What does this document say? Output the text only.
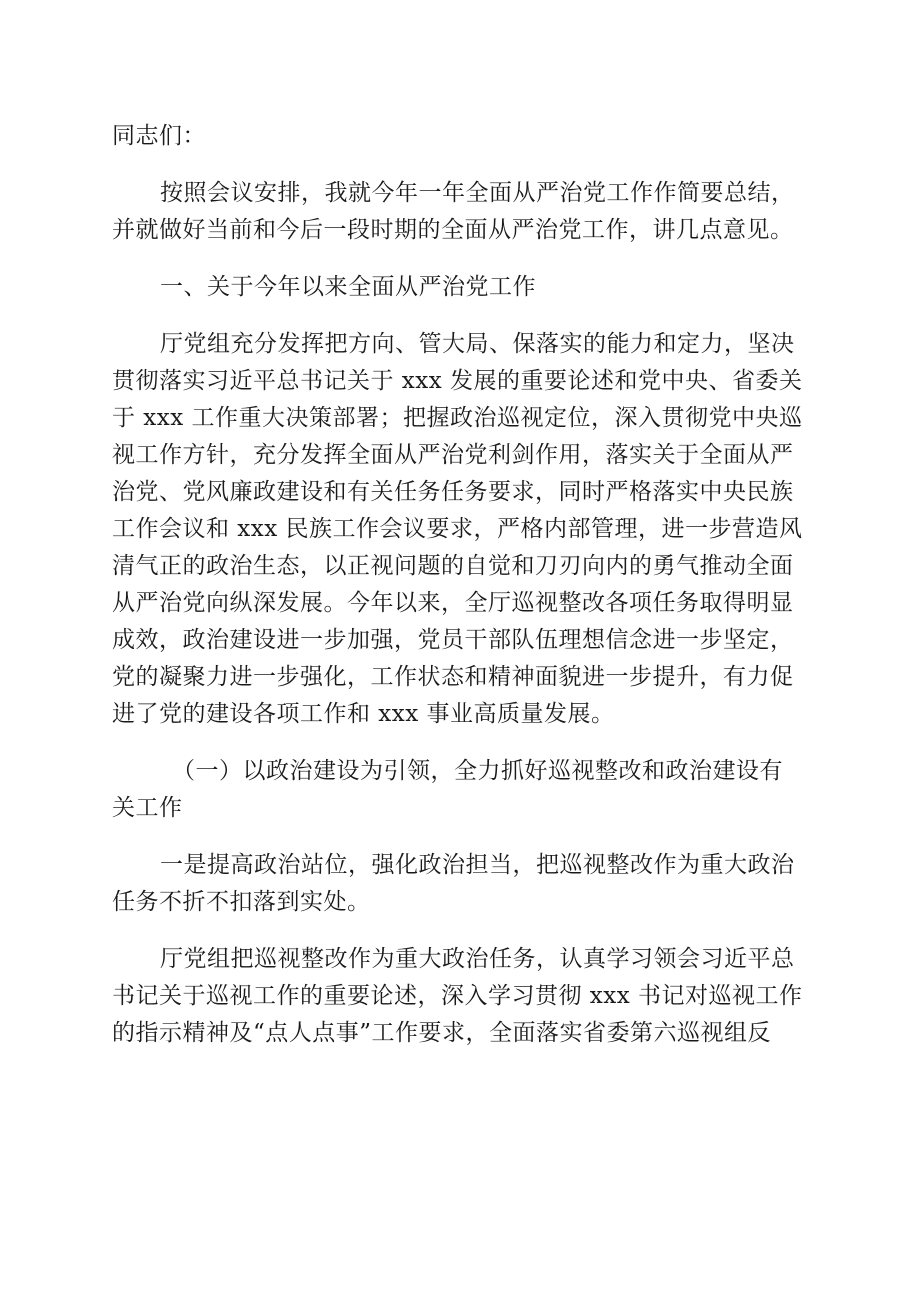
同志们：

按照会议安排，我就今年一年全面从严治党工作作简要总结，
并就做好当前和今后一段时期的全面从严治党工作，讲几点意见。

一、关于今年以来全面从严治党工作

厅党组充分发挥把方向、管大局、保落实的能力和定力，坚决
贯彻落实习近平总书记关于 xxx 发展的重要论述和党中央、省委关
于 xxx 工作重大决策部署；把握政治巡视定位，深入贯彻党中央巡
视工作方针，充分发挥全面从严治党利剑作用，落实关于全面从严
治党、党风廉政建设和有关任务任务要求，同时严格落实中央民族
工作会议和 xxx 民族工作会议要求，严格内部管理，进一步营造风
清气正的政治生态，以正视问题的自觉和刀刃向内的勇气推动全面
从严治党向纵深发展。今年以来，全厅巡视整改各项任务取得明显
成效，政治建设进一步加强，党员干部队伍理想信念进一步坚定，
党的凝聚力进一步强化，工作状态和精神面貌进一步提升，有力促
进了党的建设各项工作和 xxx 事业高质量发展。

（一）以政治建设为引领，全力抓好巡视整改和政治建设有
关工作

一是提高政治站位，强化政治担当，把巡视整改作为重大政治
任务不折不扣落到实处。

厅党组把巡视整改作为重大政治任务，认真学习领会习近平总
书记关于巡视工作的重要论述，深入学习贯彻 xxx 书记对巡视工作
的指示精神及“点人点事”工作要求，全面落实省委第六巡视组反
